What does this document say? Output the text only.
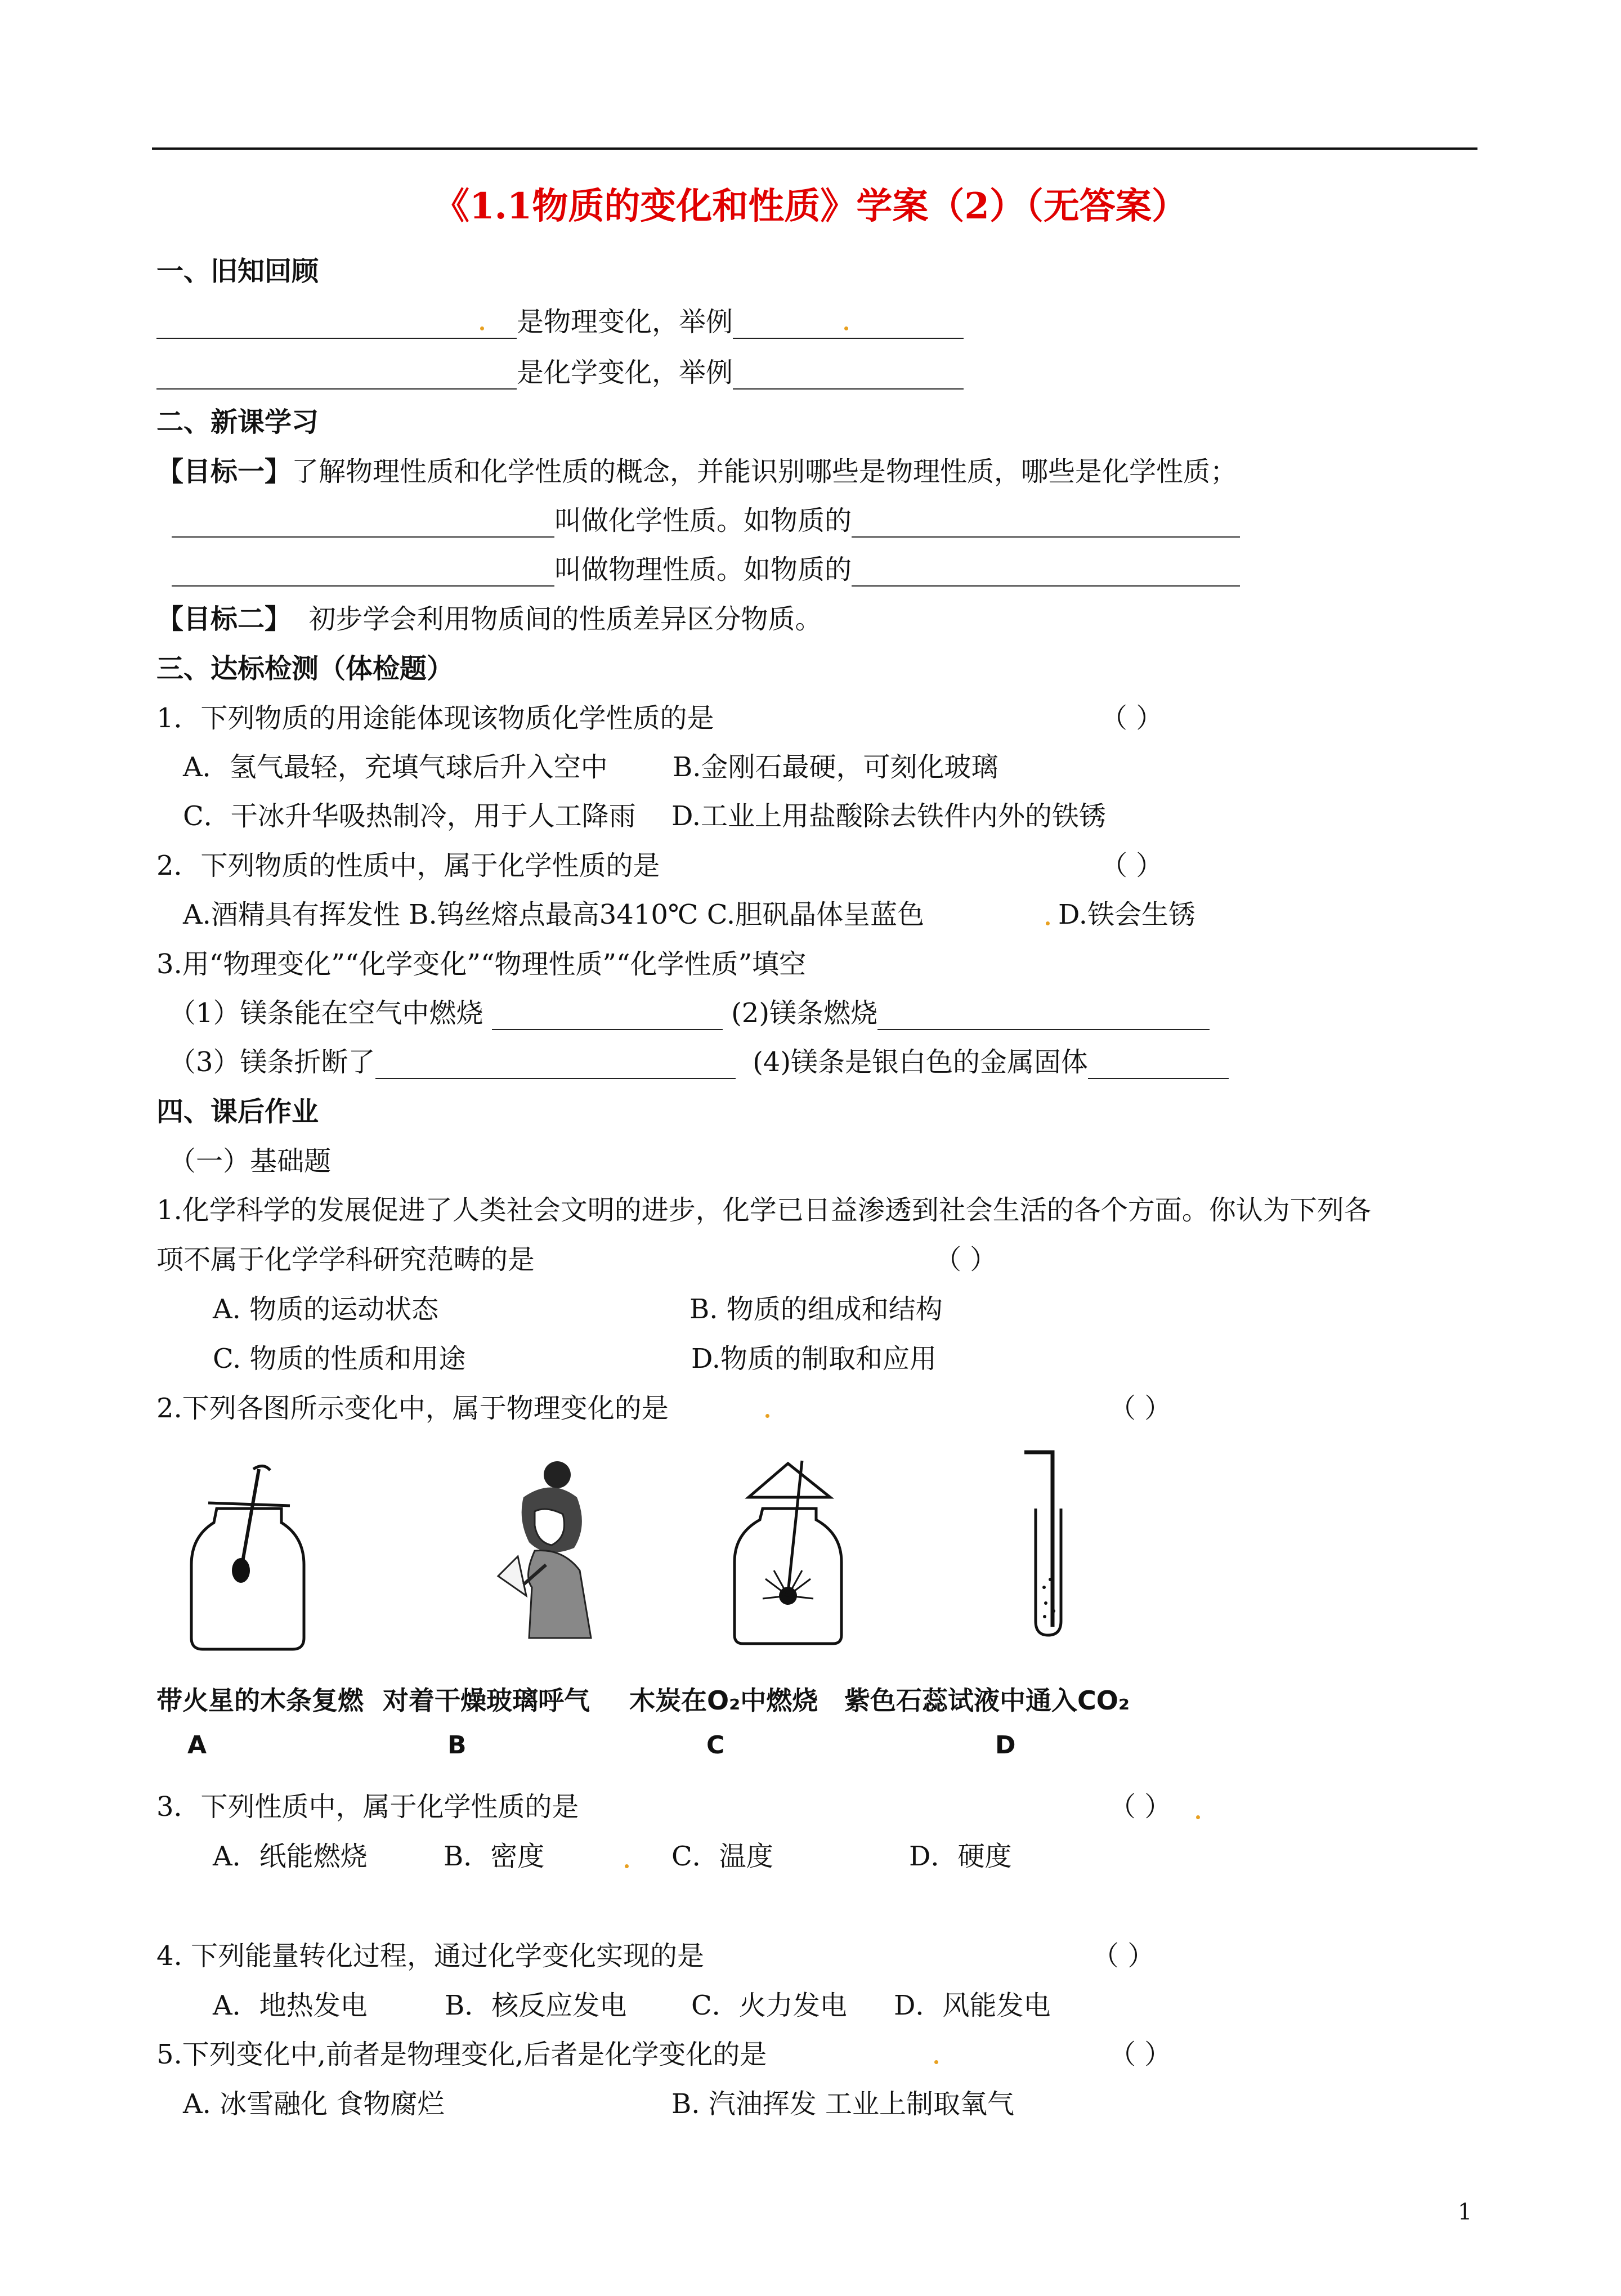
《1.1物质的变化和性质》学案（2）（无答案）
一、旧知回顾
是物理变化，举例
是化学变化，举例
二、新课学习
【目标一】了解物理性质和化学性质的概念，并能识别哪些是物理性质，哪些是化学性质；
叫做化学性质。如物质的
叫做物理性质。如物质的
【目标二】 初步学会利用物质间的性质差异区分物质。
三、达标检测（体检题）
1．下列物质的用途能体现该物质化学性质的是	（ ）
A．氢气最轻，充填气球后升入空中 B.金刚石最硬，可刻化玻璃
C．干冰升华吸热制冷，用于人工降雨 D.工业上用盐酸除去铁件内外的铁锈
2．下列物质的性质中，属于化学性质的是	（ ）
A.酒精具有挥发性 B.钨丝熔点最高3410℃ C.胆矾晶体呈蓝色	D.铁会生锈
3.用“物理变化”“化学变化”“物理性质”“化学性质”填空
（1）镁条能在空气中燃烧	(2)镁条燃烧
（3）镁条折断了	(4)镁条是银白色的金属固体
四、课后作业
（一）基础题
1.化学科学的发展促进了人类社会文明的进步，化学已日益渗透到社会生活的各个方面。你认为下列各
项不属于化学学科研究范畴的是	（ ）
A. 物质的运动状态	B. 物质的组成和结构
C. 物质的性质和用途	D.物质的制取和应用
2.下列各图所示变化中，属于物理变化的是	（ ）
带火星的木条复燃 对着干燥玻璃呼气 木炭在O₂中燃烧 紫色石蕊试液中通入CO₂
A	B	C	D
3．下列性质中，属于化学性质的是	（ ）
A．纸能燃烧	B．密度	C．温度	D．硬度
4. 下列能量转化过程，通过化学变化实现的是	（ ）
A．地热发电	B．核反应发电 C．火力发电 D．风能发电
5.下列变化中,前者是物理变化,后者是化学变化的是	（ ）
A. 冰雪融化 食物腐烂	B. 汽油挥发 工业上制取氧气
1
